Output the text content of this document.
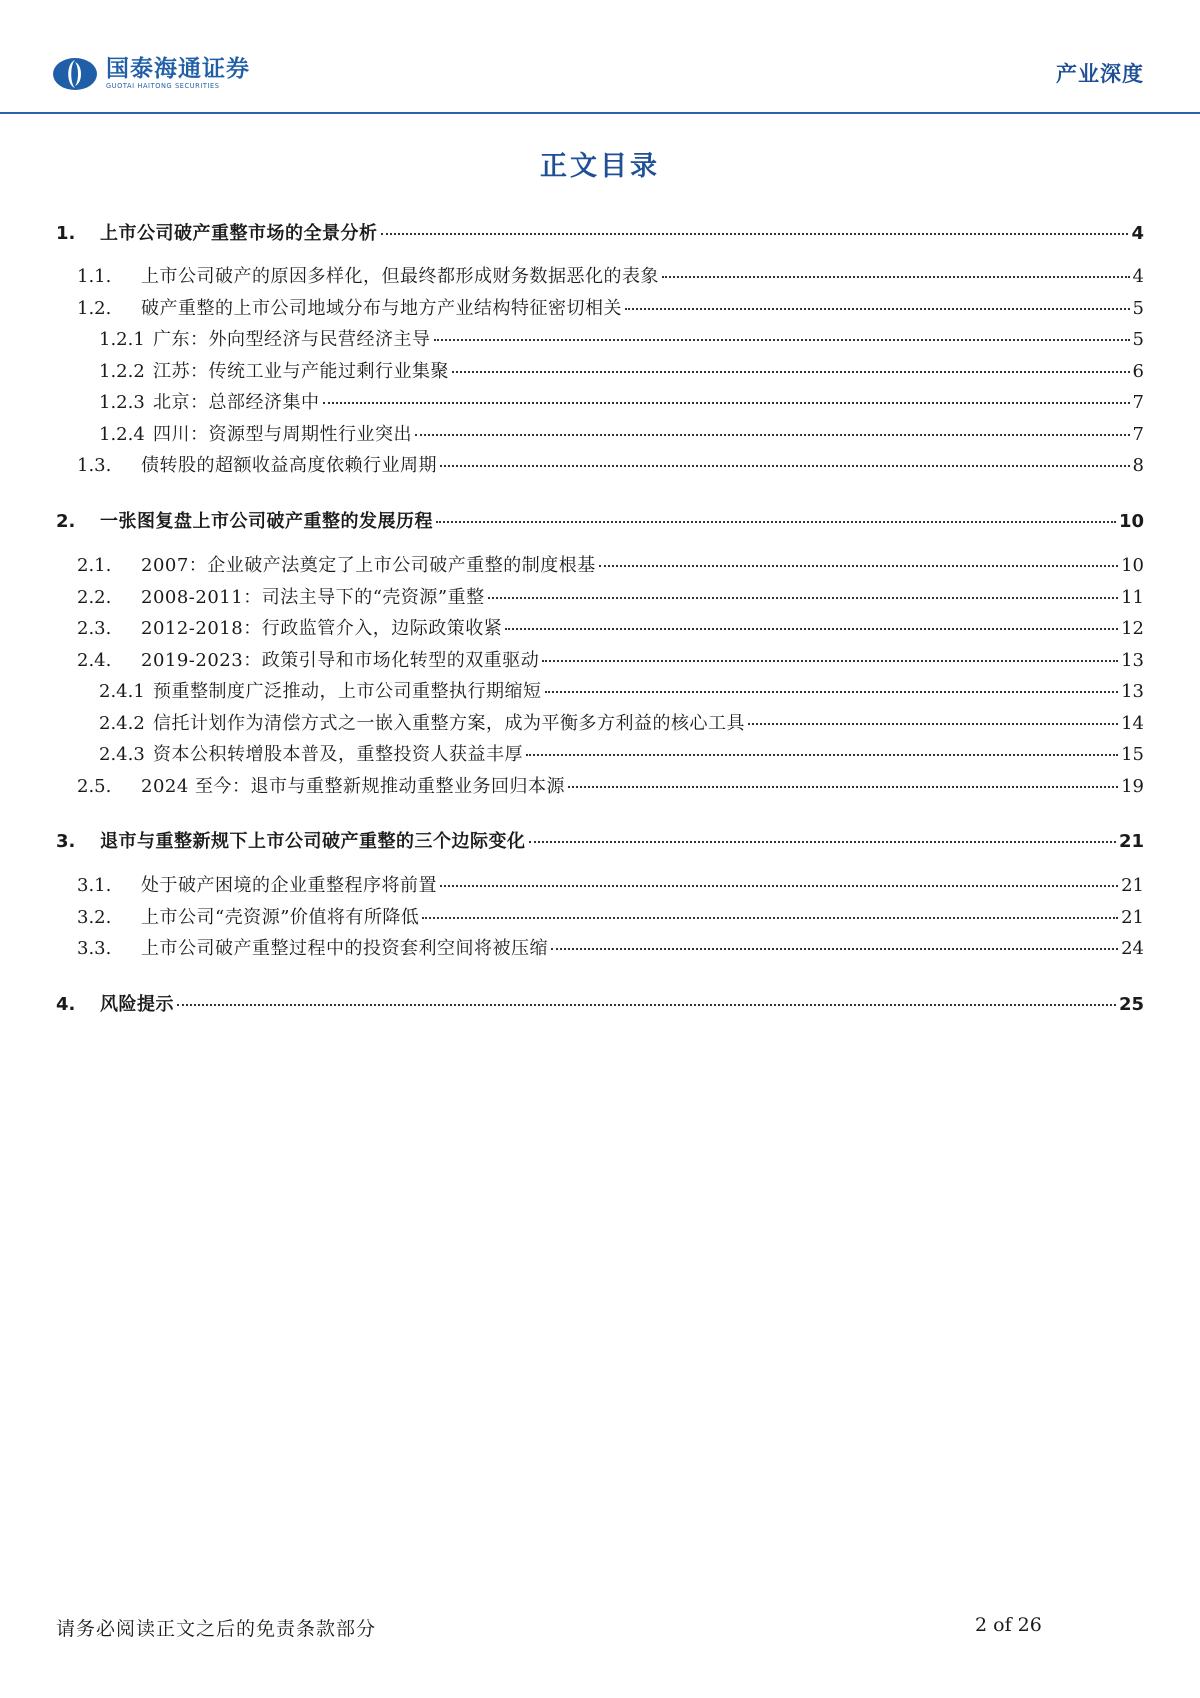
国泰海通证券
GUOTAI HAITONG SECURITIES	产业深度
正文目录
1.	上市公司破产重整市场的全景分析	4
1.1.	上市公司破产的原因多样化，但最终都形成财务数据恶化的表象	4
1.2.	破产重整的上市公司地域分布与地方产业结构特征密切相关	5
1.2.1 广东：外向型经济与民营经济主导	5
1.2.2 江苏：传统工业与产能过剩行业集聚	6
1.2.3 北京：总部经济集中	7
1.2.4 四川：资源型与周期性行业突出	7
1.3.	债转股的超额收益高度依赖行业周期	8
2.	一张图复盘上市公司破产重整的发展历程	10
2.1.	2007：企业破产法奠定了上市公司破产重整的制度根基	10
2.2.	2008-2011：司法主导下的“壳资源”重整	11
2.3.	2012-2018：行政监管介入，边际政策收紧	12
2.4.	2019-2023：政策引导和市场化转型的双重驱动	13
2.4.1 预重整制度广泛推动，上市公司重整执行期缩短	13
2.4.2 信托计划作为清偿方式之一嵌入重整方案，成为平衡多方利益的核心工具	14
2.4.3 资本公积转增股本普及，重整投资人获益丰厚	15
2.5.	2024 至今：退市与重整新规推动重整业务回归本源	19
3.	退市与重整新规下上市公司破产重整的三个边际变化	21
3.1.	处于破产困境的企业重整程序将前置	21
3.2.	上市公司“壳资源”价值将有所降低	21
3.3.	上市公司破产重整过程中的投资套利空间将被压缩	24
4.	风险提示	25
请务必阅读正文之后的免责条款部分	2 of 26
